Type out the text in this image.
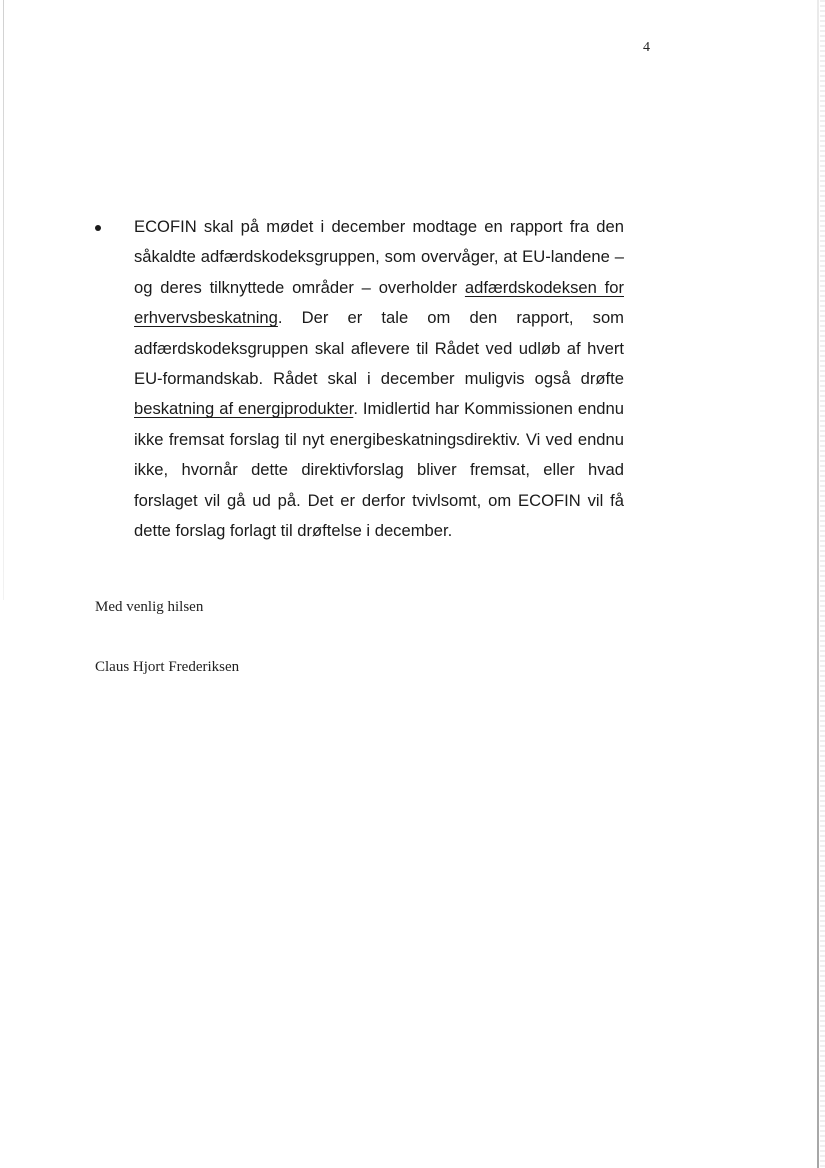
4
ECOFIN skal på mødet i december modtage en rapport fra den såkaldte adfærdskodeksgruppen, som overvåger, at EU-landene – og deres tilknyttede områder – overholder adfærdskodeksen for erhvervsbeskatning. Der er tale om den rapport, som adfærdskodeksgruppen skal aflevere til Rådet ved udløb af hvert EU-formandskab. Rådet skal i december muligvis også drøfte beskatning af energiprodukter. Imidlertid har Kommissionen endnu ikke fremsat forslag til nyt energibeskatningsdirektiv. Vi ved endnu ikke, hvornår dette direktivforslag bliver fremsat, eller hvad forslaget vil gå ud på. Det er derfor tvivlsomt, om ECOFIN vil få dette forslag forlagt til drøftelse i december.
Med venlig hilsen
Claus Hjort Frederiksen
